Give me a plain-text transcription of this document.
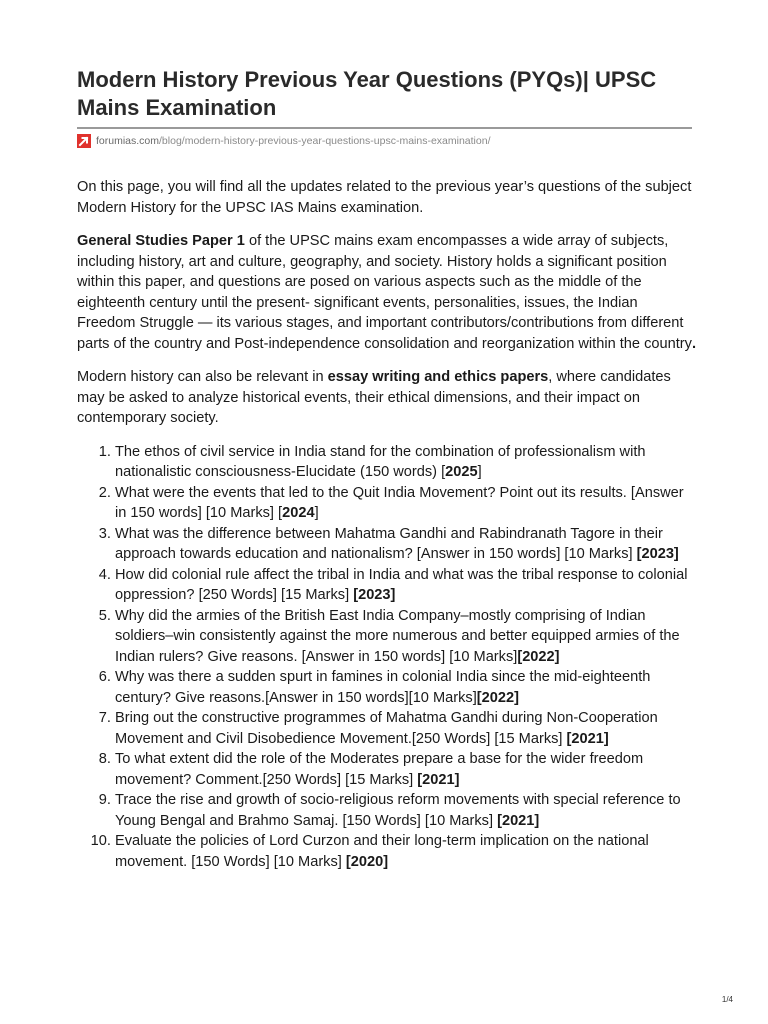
Modern History Previous Year Questions (PYQs)| UPSC Mains Examination
forumias.com/blog/modern-history-previous-year-questions-upsc-mains-examination/

On this page, you will find all the updates related to the previous year’s questions of the subject Modern History for the UPSC IAS Mains examination.

General Studies Paper 1 of the UPSC mains exam encompasses a wide array of subjects, including history, art and culture, geography, and society. History holds a significant position within this paper, and questions are posed on various aspects such as the middle of the eighteenth century until the present- significant events, personalities, issues, the Indian Freedom Struggle — its various stages, and important contributors/contributions from different parts of the country and Post-independence consolidation and reorganization within the country.

Modern history can also be relevant in essay writing and ethics papers, where candidates may be asked to analyze historical events, their ethical dimensions, and their impact on contemporary society.

1. The ethos of civil service in India stand for the combination of professionalism with nationalistic consciousness-Elucidate (150 words) [2025]
2. What were the events that led to the Quit India Movement? Point out its results. [Answer in 150 words] [10 Marks] [2024]
3. What was the difference between Mahatma Gandhi and Rabindranath Tagore in their approach towards education and nationalism? [Answer in 150 words] [10 Marks] [2023]
4. How did colonial rule affect the tribal in India and what was the tribal response to colonial oppression? [250 Words] [15 Marks] [2023]
5. Why did the armies of the British East India Company–mostly comprising of Indian soldiers–win consistently against the more numerous and better equipped armies of the Indian rulers? Give reasons. [Answer in 150 words] [10 Marks][2022]
6. Why was there a sudden spurt in famines in colonial India since the mid-eighteenth century? Give reasons.[Answer in 150 words][10 Marks][2022]
7. Bring out the constructive programmes of Mahatma Gandhi during Non-Cooperation Movement and Civil Disobedience Movement.[250 Words] [15 Marks] [2021]
8. To what extent did the role of the Moderates prepare a base for the wider freedom movement? Comment.[250 Words] [15 Marks] [2021]
9. Trace the rise and growth of socio-religious reform movements with special reference to Young Bengal and Brahmo Samaj. [150 Words] [10 Marks] [2021]
10. Evaluate the policies of Lord Curzon and their long-term implication on the national movement. [150 Words] [10 Marks] [2020]
1/4
